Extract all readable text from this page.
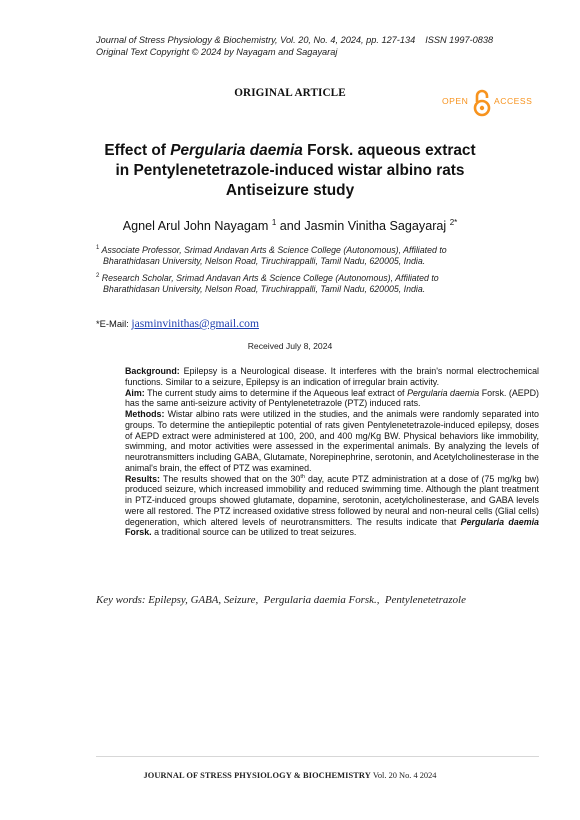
Journal of Stress Physiology & Biochemistry, Vol. 20, No. 4, 2024, pp. 127-134 ISSN 1997-0838
Original Text Copyright © 2024 by Nayagam and Sagayaraj
ORIGINAL ARTICLE
OPEN	ACCESS
Effect of Pergularia daemia Forsk. aqueous extract
in Pentylenetetrazole-induced wistar albino rats
Antiseizure study
Agnel Arul John Nayagam $^1$ and Jasmin Vinitha Sagayaraj $^{2*}$
$^1$ Associate Professor, Srimad Andavan Arts & Science College (Autonomous), Affiliated to
Bharathidasan University, Nelson Road, Tiruchirappalli, Tamil Nadu, 620005, India.
$^2$ Research Scholar, Srimad Andavan Arts & Science College (Autonomous), Affiliated to
Bharathidasan University, Nelson Road, Tiruchirappalli, Tamil Nadu, 620005, India.
*E-Mail: jasminvinithas@gmail.com
Received July 8, 2024

Background: Epilepsy is a Neurological disease. It interferes with the brain's normal electrochemical functions. Similar to a seizure, Epilepsy is an indication of irregular brain activity.

Aim: The current study aims to determine if the Aqueous leaf extract of Pergularia daemia Forsk. (AEPD) has the same anti-seizure activity of Pentylenetetrazole (PTZ) induced rats.

Methods: Wistar albino rats were utilized in the studies, and the animals were randomly separated into groups. To determine the antiepileptic potential of rats given Pentylenetetrazole-induced epilepsy, doses of AEPD extract were administered at 100, 200, and 400 mg/Kg BW. Physical behaviors like immobility, swimming, and motor activities were assessed in the experimental animals. By analyzing the levels of neurotransmitters including GABA, Glutamate, Norepinephrine, serotonin, and Acetylcholinesterase in the animal's brain, the effect of PTZ was examined.

Results: The results showed that on the 30th day, acute PTZ administration at a dose of (75 mg/kg bw) produced seizure, which increased immobility and reduced swimming time. Although the plant treatment in PTZ-induced groups showed glutamate, dopamine, serotonin, acetylcholinesterase, and GABA levels were all restored. The PTZ increased oxidative stress followed by neural and non-neural cells (Glial cells) degeneration, which altered levels of neurotransmitters. The results indicate that Pergularia daemia Forsk. a traditional source can be utilized to treat seizures.

Key words: Epilepsy, GABA, Seizure,  Pergularia daemia Forsk.,  Pentylenetetrazole
JOURNAL OF STRESS PHYSIOLOGY & BIOCHEMISTRY Vol. 20 No. 4 2024
